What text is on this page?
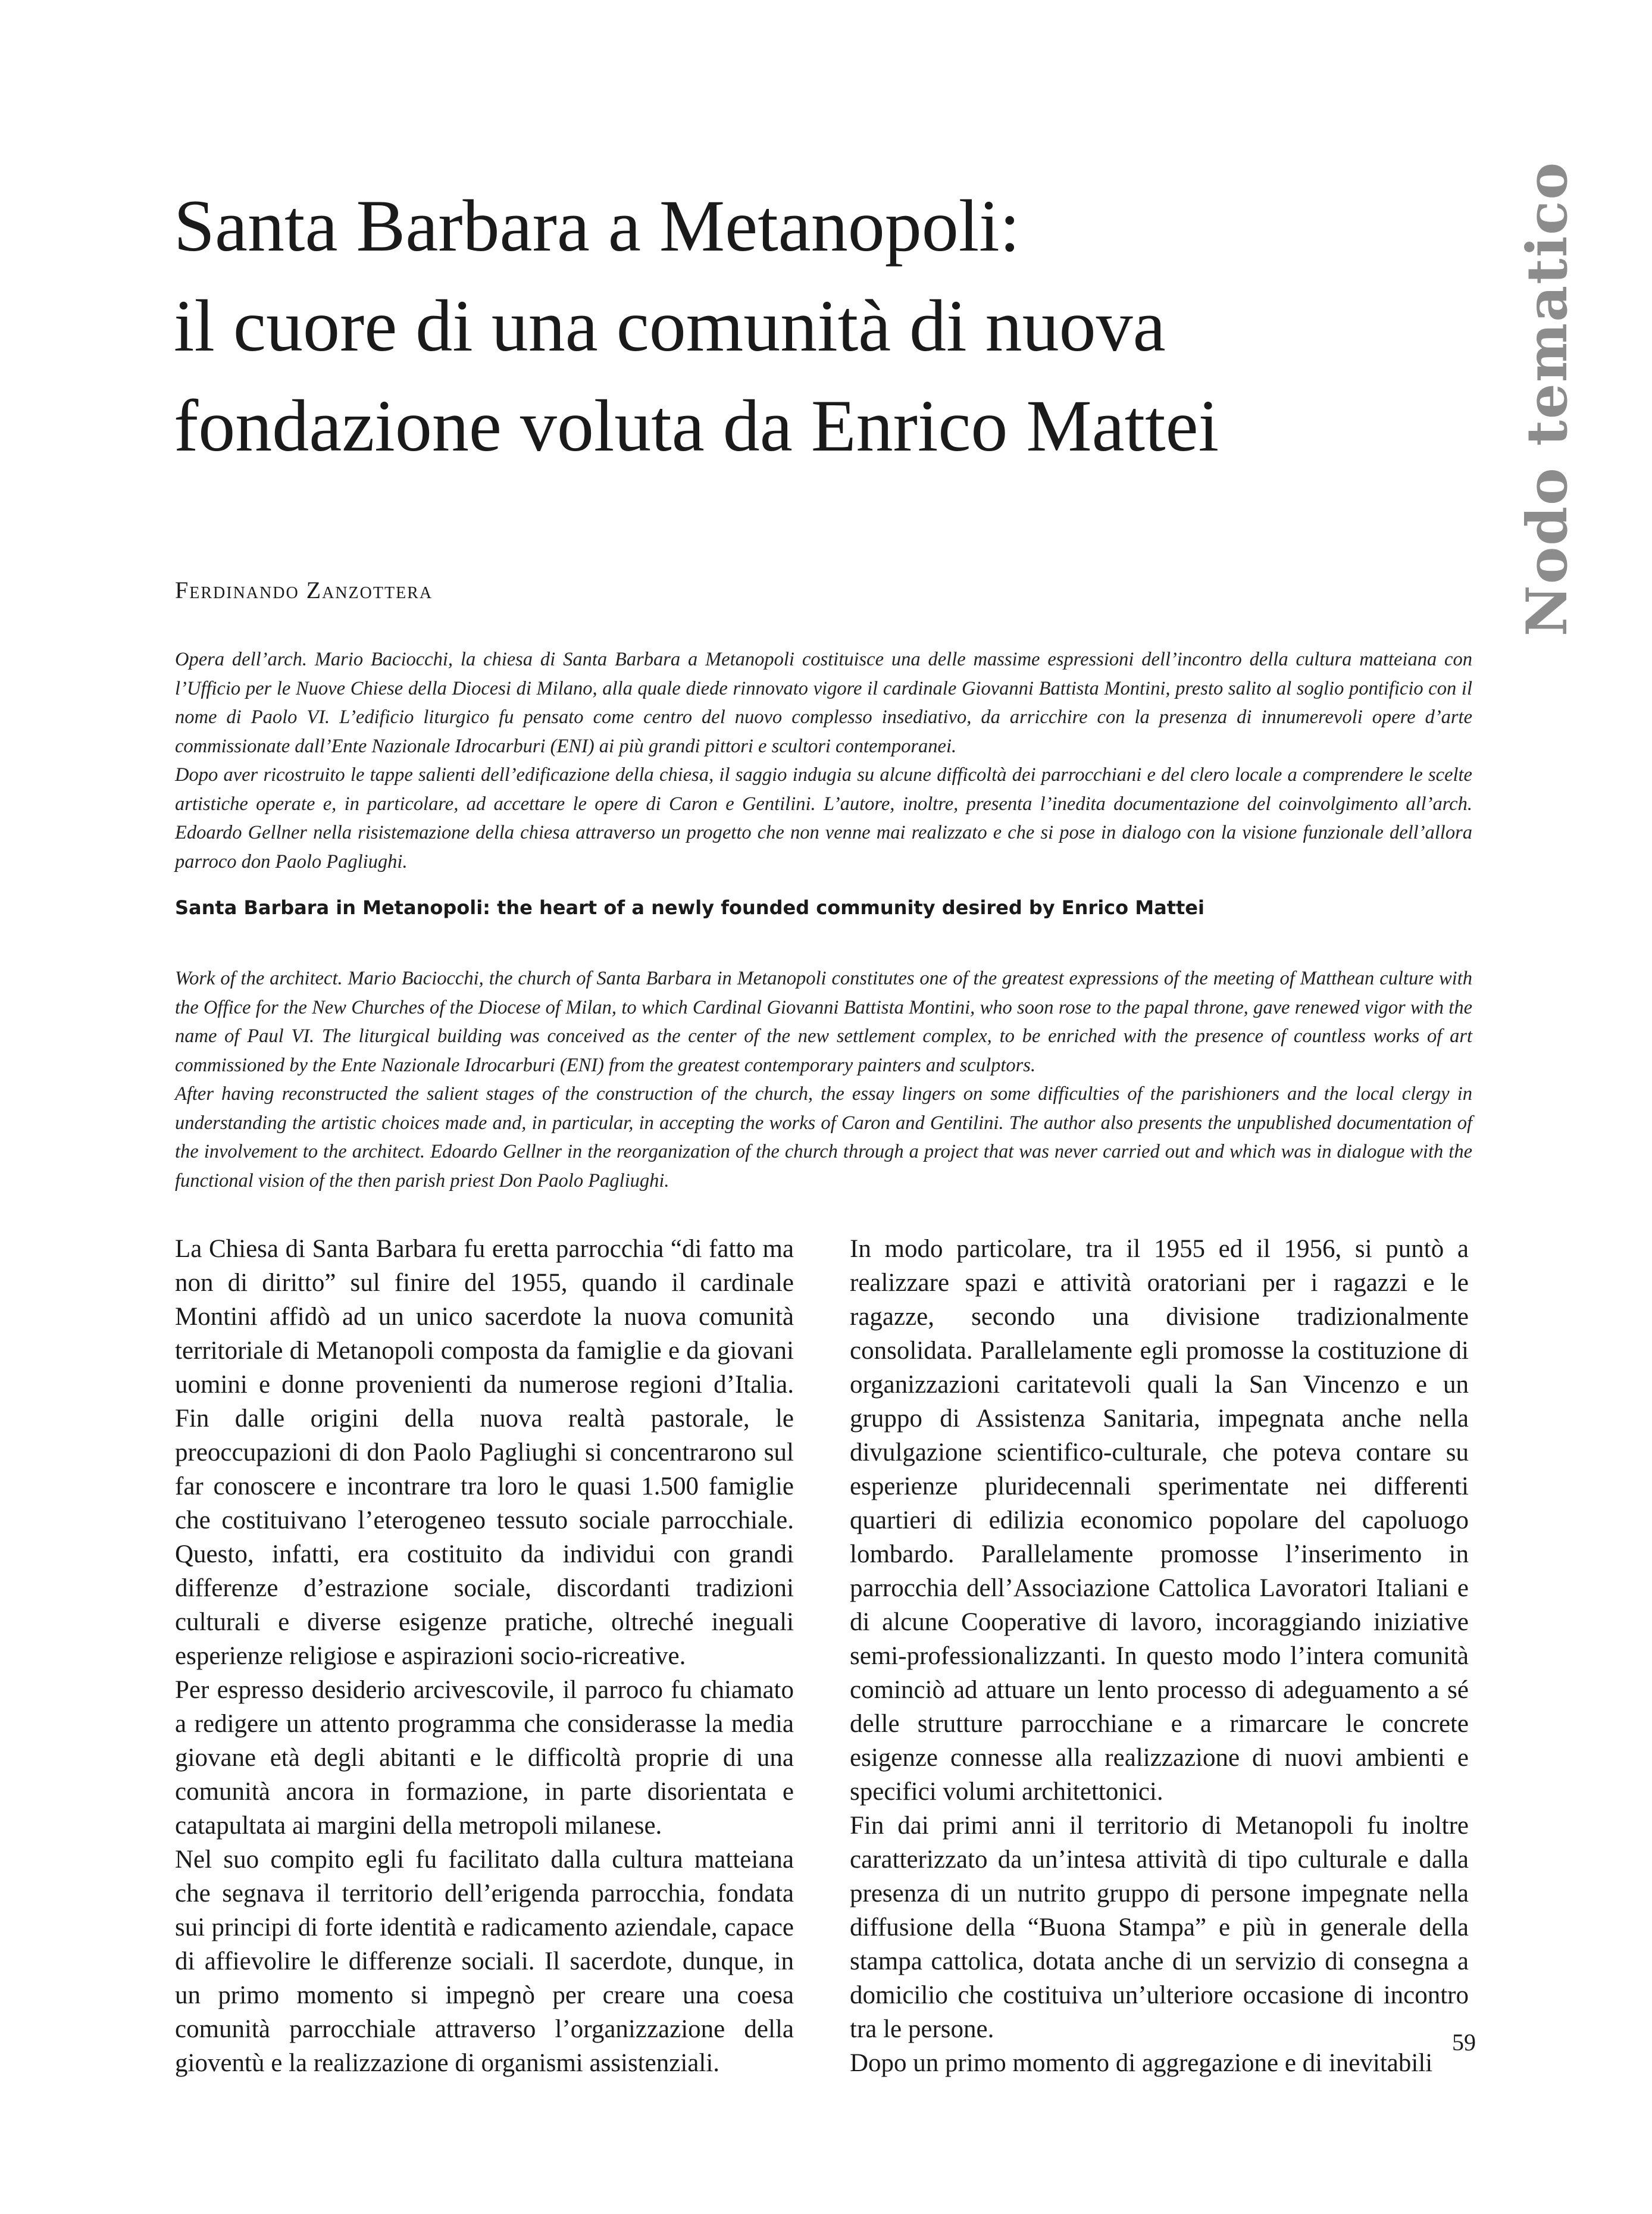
Santa Barbara a Metanopoli:
il cuore di una comunità di nuova
fondazione voluta da Enrico Mattei	Nodo tematico
Ferdinando Zanzottera

Opera dell’arch. Mario Baciocchi, la chiesa di Santa Barbara a Metanopoli costituisce una delle massime espressioni dell’incontro della cultura matteiana con l’Ufficio per le Nuove Chiese della Diocesi di Milano, alla quale diede rinnovato vigore il cardinale Giovanni Battista Montini, presto salito al soglio pontificio con il nome di Paolo VI. L’edificio liturgico fu pensato come centro del nuovo complesso insediativo, da arricchire con la presenza di innumerevoli opere d’arte commissionate dall’Ente Nazionale Idrocarburi (ENI) ai più grandi pittori e scultori contemporanei.

Dopo aver ricostruito le tappe salienti dell’edificazione della chiesa, il saggio indugia su alcune difficoltà dei parrocchiani e del clero locale a comprendere le scelte artistiche operate e, in particolare, ad accettare le opere di Caron e Gentilini. L’autore, inoltre, presenta l’inedita documentazione del coinvolgimento all’arch. Edoardo Gellner nella risistemazione della chiesa attraverso un progetto che non venne mai realizzato e che si pose in dialogo con la visione funzionale dell’allora parroco don Paolo Pagliughi.

Santa Barbara in Metanopoli: the heart of a newly founded community desired by Enrico Mattei

Work of the architect. Mario Baciocchi, the church of Santa Barbara in Metanopoli constitutes one of the greatest expressions of the meeting of Matthean culture with the Office for the New Churches of the Diocese of Milan, to which Cardinal Giovanni Battista Montini, who soon rose to the papal throne, gave renewed vigor with the name of Paul VI. The liturgical building was conceived as the center of the new settlement complex, to be enriched with the presence of countless works of art commissioned by the Ente Nazionale Idrocarburi (ENI) from the greatest contemporary painters and sculptors.

After having reconstructed the salient stages of the construction of the church, the essay lingers on some difficulties of the parishioners and the local clergy in understanding the artistic choices made and, in particular, in accepting the works of Caron and Gentilini. The author also presents the unpublished documentation of the involvement to the architect. Edoardo Gellner in the reorganization of the church through a project that was never carried out and which was in dialogue with the functional vision of the then parish priest Don Paolo Pagliughi.

La Chiesa di Santa Barbara fu eretta parrocchia “di fatto ma non di diritto” sul finire del 1955, quando il cardinale Montini affidò ad un unico sacerdote la nuova comunità territoriale di Metanopoli composta da famiglie e da giovani uomini e donne provenienti da numerose regioni d’Italia. Fin dalle origini della nuova realtà pastorale, le preoccupazioni di don Paolo Pagliughi si concentrarono sul far conoscere e incontrare tra loro le quasi 1.500 famiglie che costituivano l’eterogeneo tessuto sociale parrocchiale. Questo, infatti, era costituito da individui con grandi differenze d’estrazione sociale, discordanti tradizioni culturali e diverse esigenze pratiche, oltreché ineguali esperienze religiose e aspirazioni socio-ricreative.

Per espresso desiderio arcivescovile, il parroco fu chiamato a redigere un attento programma che considerasse la media giovane età degli abitanti e le difficoltà proprie di una comunità ancora in formazione, in parte disorientata e catapultata ai margini della metropoli milanese.

Nel suo compito egli fu facilitato dalla cultura matteiana che segnava il territorio dell’erigenda parrocchia, fondata sui principi di forte identità e radicamento aziendale, capace di affievolire le differenze sociali. Il sacerdote, dunque, in un primo momento si impegnò per creare una coesa comunità parrocchiale attraverso l’organizzazione della gioventù e la realizzazione di organismi assistenziali.

In modo particolare, tra il 1955 ed il 1956, si puntò a realizzare spazi e attività oratoriani per i ragazzi e le ragazze, secondo una divisione tradizionalmente consolidata. Parallelamente egli promosse la costituzione di organizzazioni caritatevoli quali la San Vincenzo e un gruppo di Assistenza Sanitaria, impegnata anche nella divulgazione scientifico-culturale, che poteva contare su esperienze pluridecennali sperimentate nei differenti quartieri di edilizia economico popolare del capoluogo lombardo. Parallelamente promosse l’inserimento in parrocchia dell’Associazione Cattolica Lavoratori Italiani e di alcune Cooperative di lavoro, incoraggiando iniziative semi-professionalizzanti. In questo modo l’intera comunità cominciò ad attuare un lento processo di adeguamento a sé delle strutture parrocchiane e a rimarcare le concrete esigenze connesse alla realizzazione di nuovi ambienti e specifici volumi architettonici.

Fin dai primi anni il territorio di Metanopoli fu inoltre caratterizzato da un’intesa attività di tipo culturale e dalla presenza di un nutrito gruppo di persone impegnate nella diffusione della “Buona Stampa” e più in generale della stampa cattolica, dotata anche di un servizio di consegna a domicilio che costituiva un’ulteriore occasione di incontro tra le persone.

Dopo un primo momento di aggregazione e di inevitabili

59
